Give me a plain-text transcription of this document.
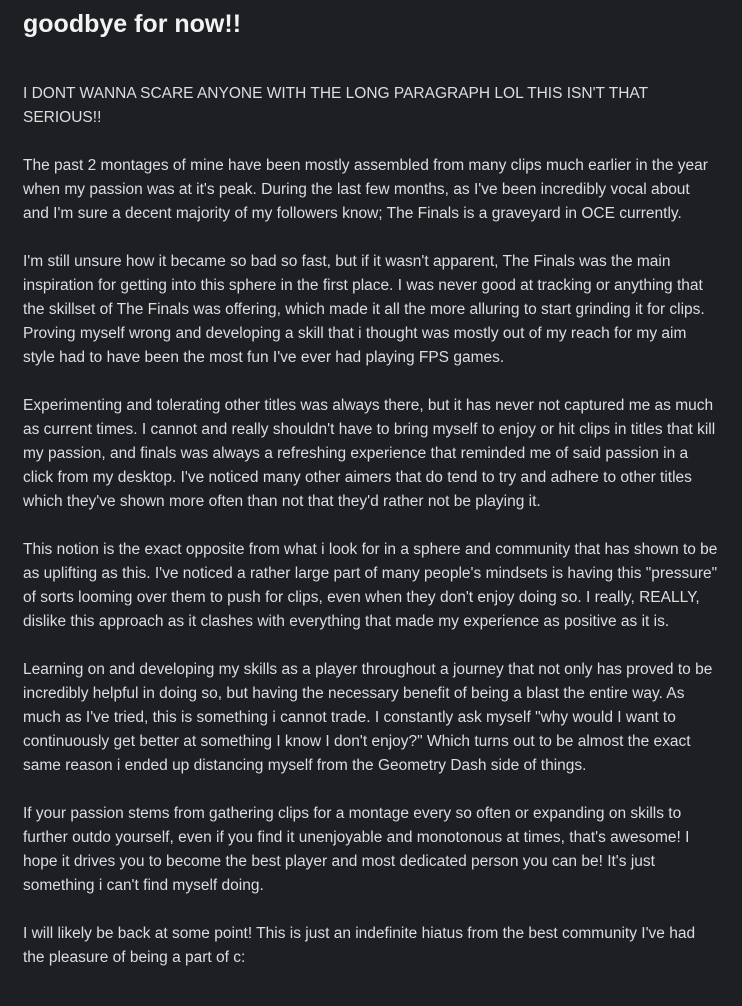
goodbye for now!!

I DONT WANNA SCARE ANYONE WITH THE LONG PARAGRAPH LOL THIS ISN'T THAT SERIOUS!!

The past 2 montages of mine have been mostly assembled from many clips much earlier in the year when my passion was at it's peak. During the last few months, as I've been incredibly vocal about and I'm sure a decent majority of my followers know; The Finals is a graveyard in OCE currently.

I'm still unsure how it became so bad so fast, but if it wasn't apparent, The Finals was the main inspiration for getting into this sphere in the first place. I was never good at tracking or anything that the skillset of The Finals was offering, which made it all the more alluring to start grinding it for clips. Proving myself wrong and developing a skill that i thought was mostly out of my reach for my aim style had to have been the most fun I've ever had playing FPS games.

Experimenting and tolerating other titles was always there, but it has never not captured me as much as current times. I cannot and really shouldn't have to bring myself to enjoy or hit clips in titles that kill my passion, and finals was always a refreshing experience that reminded me of said passion in a click from my desktop. I've noticed many other aimers that do tend to try and adhere to other titles which they've shown more often than not that they'd rather not be playing it.

This notion is the exact opposite from what i look for in a sphere and community that has shown to be as uplifting as this. I've noticed a rather large part of many people's mindsets is having this "pressure" of sorts looming over them to push for clips, even when they don't enjoy doing so. I really, REALLY, dislike this approach as it clashes with everything that made my experience as positive as it is.

Learning on and developing my skills as a player throughout a journey that not only has proved to be incredibly helpful in doing so, but having the necessary benefit of being a blast the entire way. As much as I've tried, this is something i cannot trade. I constantly ask myself "why would I want to continuously get better at something I know I don't enjoy?" Which turns out to be almost the exact same reason i ended up distancing myself from the Geometry Dash side of things.

If your passion stems from gathering clips for a montage every so often or expanding on skills to further outdo yourself, even if you find it unenjoyable and monotonous at times, that's awesome! I hope it drives you to become the best player and most dedicated person you can be! It's just something i can't find myself doing.

I will likely be back at some point! This is just an indefinite hiatus from the best community I've had the pleasure of being a part of c:
